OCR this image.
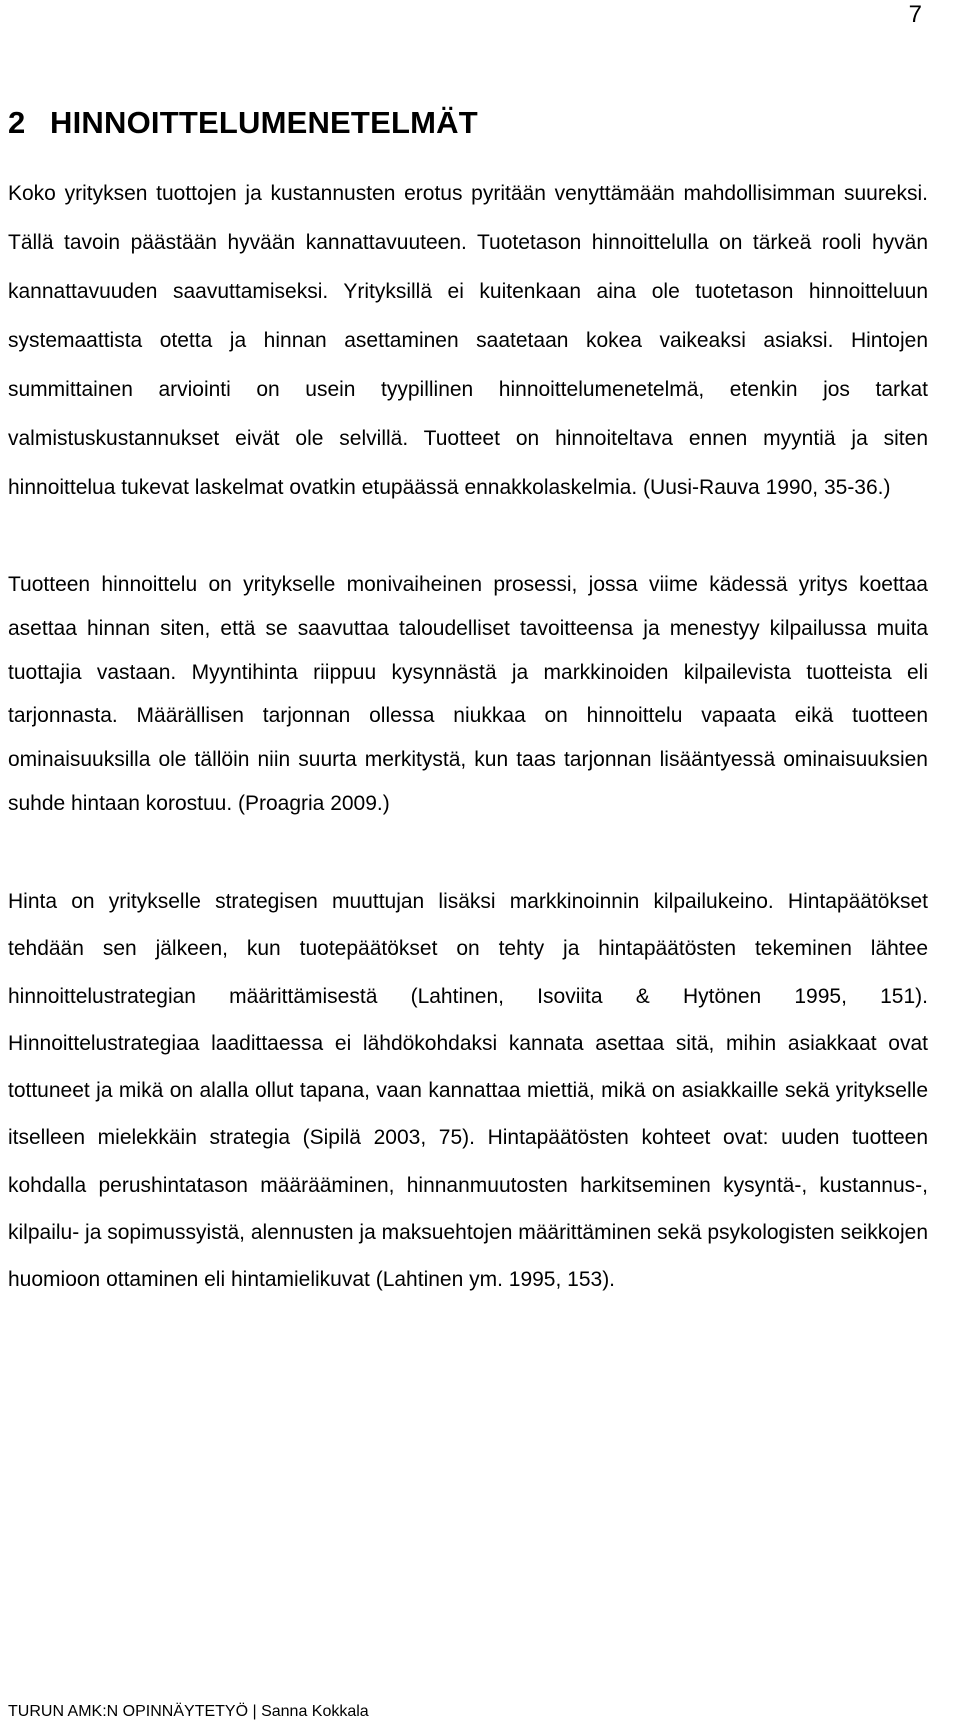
7
2 HINNOITTELUMENETELMÄT

Koko yrityksen tuottojen ja kustannusten erotus pyritään venyttämään mahdollisimman suureksi. Tällä tavoin päästään hyvään kannattavuuteen. Tuotetason hinnoittelulla on tärkeä rooli hyvän kannattavuuden saavuttamiseksi. Yrityksillä ei kuitenkaan aina ole tuotetason hinnoitteluun systemaattista otetta ja hinnan asettaminen saatetaan kokea vaikeaksi asiaksi. Hintojen summittainen arviointi on usein tyypillinen hinnoittelumenetelmä, etenkin jos tarkat valmistuskustannukset eivät ole selvillä. Tuotteet on hinnoiteltava ennen myyntiä ja siten hinnoittelua tukevat laskelmat ovatkin etupäässä ennakkolaskelmia. (Uusi-Rauva 1990, 35-36.)

Tuotteen hinnoittelu on yritykselle monivaiheinen prosessi, jossa viime kädessä yritys koettaa asettaa hinnan siten, että se saavuttaa taloudelliset tavoitteensa ja menestyy kilpailussa muita tuottajia vastaan. Myyntihinta riippuu kysynnästä ja markkinoiden kilpailevista tuotteista eli tarjonnasta. Määrällisen tarjonnan ollessa niukkaa on hinnoittelu vapaata eikä tuotteen ominaisuuksilla ole tällöin niin suurta merkitystä, kun taas tarjonnan lisääntyessä ominaisuuksien suhde hintaan korostuu. (Proagria 2009.)

Hinta on yritykselle strategisen muuttujan lisäksi markkinoinnin kilpailukeino. Hintapäätökset tehdään sen jälkeen, kun tuotepäätökset on tehty ja hintapäätösten tekeminen lähtee hinnoittelustrategian määrittämisestä (Lahtinen, Isoviita & Hytönen 1995, 151). Hinnoittelustrategiaa laadittaessa ei lähdökohdaksi kannata asettaa sitä, mihin asiakkaat ovat tottuneet ja mikä on alalla ollut tapana, vaan kannattaa miettiä, mikä on asiakkaille sekä yritykselle itselleen mielekkäin strategia (Sipilä 2003, 75). Hintapäätösten kohteet ovat: uuden tuotteen kohdalla perushintatason määrääminen, hinnanmuutosten harkitseminen kysyntä-, kustannus-, kilpailu- ja sopimussyistä, alennusten ja maksuehtojen määrittäminen sekä psykologisten seikkojen huomioon ottaminen eli hintamielikuvat (Lahtinen ym. 1995, 153).

TURUN AMK:N OPINNÄYTETYÖ | Sanna Kokkala
